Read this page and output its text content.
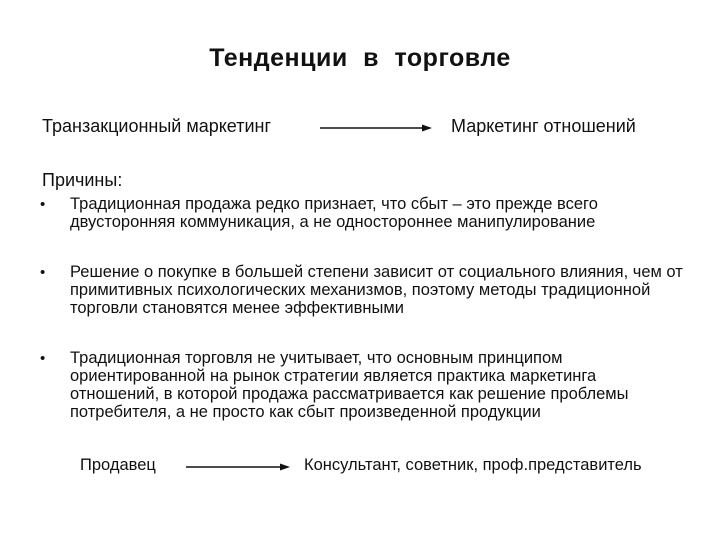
Тенденции в торговле
Транзакционный маркетинг	Маркетинг отношений
Причины:
• Традиционная продажа редко признает, что сбыт – это прежде всего двусторонняя коммуникация, а не одностороннее манипулирование
• Решение о покупке в большей степени зависит от социального влияния, чем от примитивных психологических механизмов, поэтому методы традиционной торговли становятся менее эффективными
• Традиционная торговля не учитывает, что основным принципом ориентированной на рынок стратегии является практика маркетинга отношений, в которой продажа рассматривается как решение проблемы потребителя, а не просто как сбыт произведенной продукции
Продавец	Консультант, советник, проф.представитель
